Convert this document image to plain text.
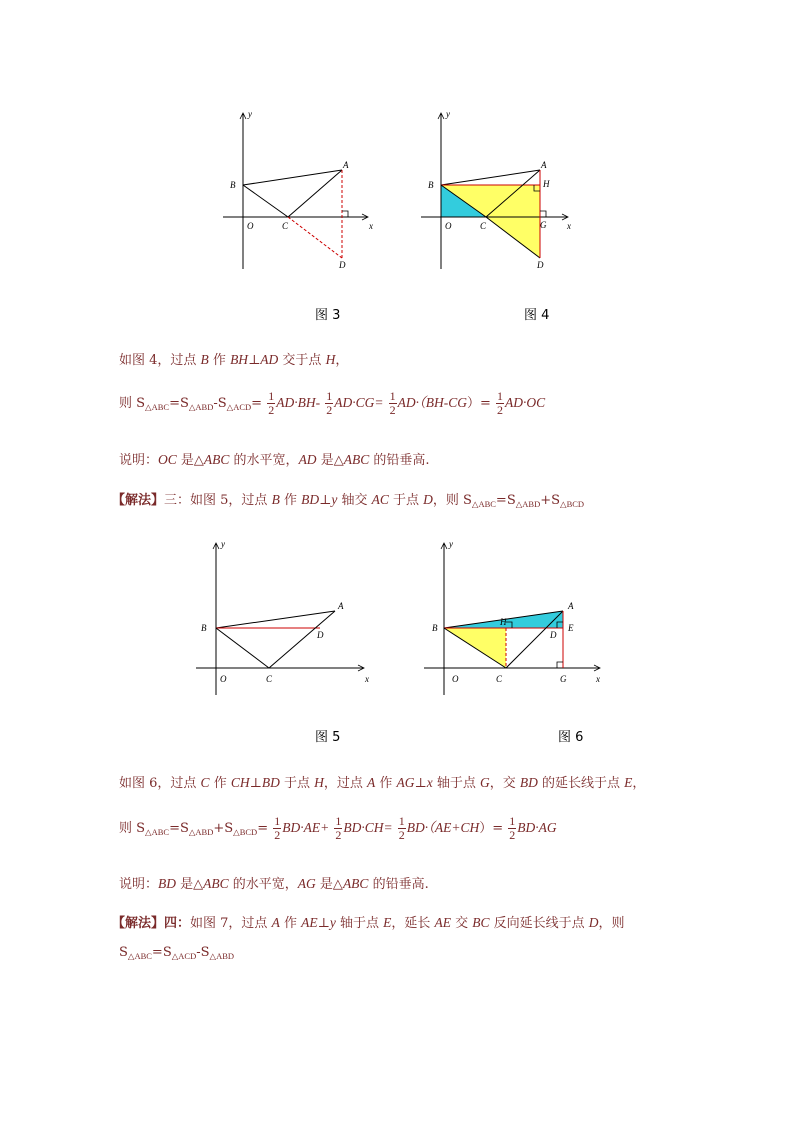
y
x
O
A
B
C
D
图 3
y
x
O
A
B
C
D
H
G
图 4
如图 4，过点 B 作 BH⊥AD 交于点 H，
则 $S_{\triangle ABC}=S_{\triangle ABD}-S_{\triangle ACD}= \frac{1}{2} AD\cdot BH- \frac{1}{2} AD\cdot CG= \frac{1}{2} AD\cdot(BH-CG)= \frac{1}{2} AD\cdot OC$
说明：OC 是△ABC 的水平宽，AD 是△ABC 的铅垂高.
【解法】三：如图 5，过点 B 作 BD⊥y 轴交 AC 于点 D，则 $S_{\triangle ABC}=S_{\triangle ABD}+S_{\triangle BCD}$
y
x
O
A
B
C
D
图 5
y
x
O
A
B
C
D
H
E
G
图 6
如图 6，过点 C 作 CH⊥BD 于点 H，过点 A 作 AG⊥x 轴于点 G，交 BD 的延长线于点 E，
则 $S_{\triangle ABC}=S_{\triangle ABD}+S_{\triangle BCD}= \frac{1}{2} BD\cdot AE+ \frac{1}{2} BD\cdot CH= \frac{1}{2} BD\cdot(AE+CH)= \frac{1}{2} BD\cdot AG$
说明：BD 是△ABC 的水平宽，AG 是△ABC 的铅垂高.
【解法】四：如图 7，过点 A 作 AE⊥y 轴于点 E，延长 AE 交 BC 反向延长线于点 D，则
$S_{\triangle ABC}=S_{\triangle ACD}-S_{\triangle ABD}$
